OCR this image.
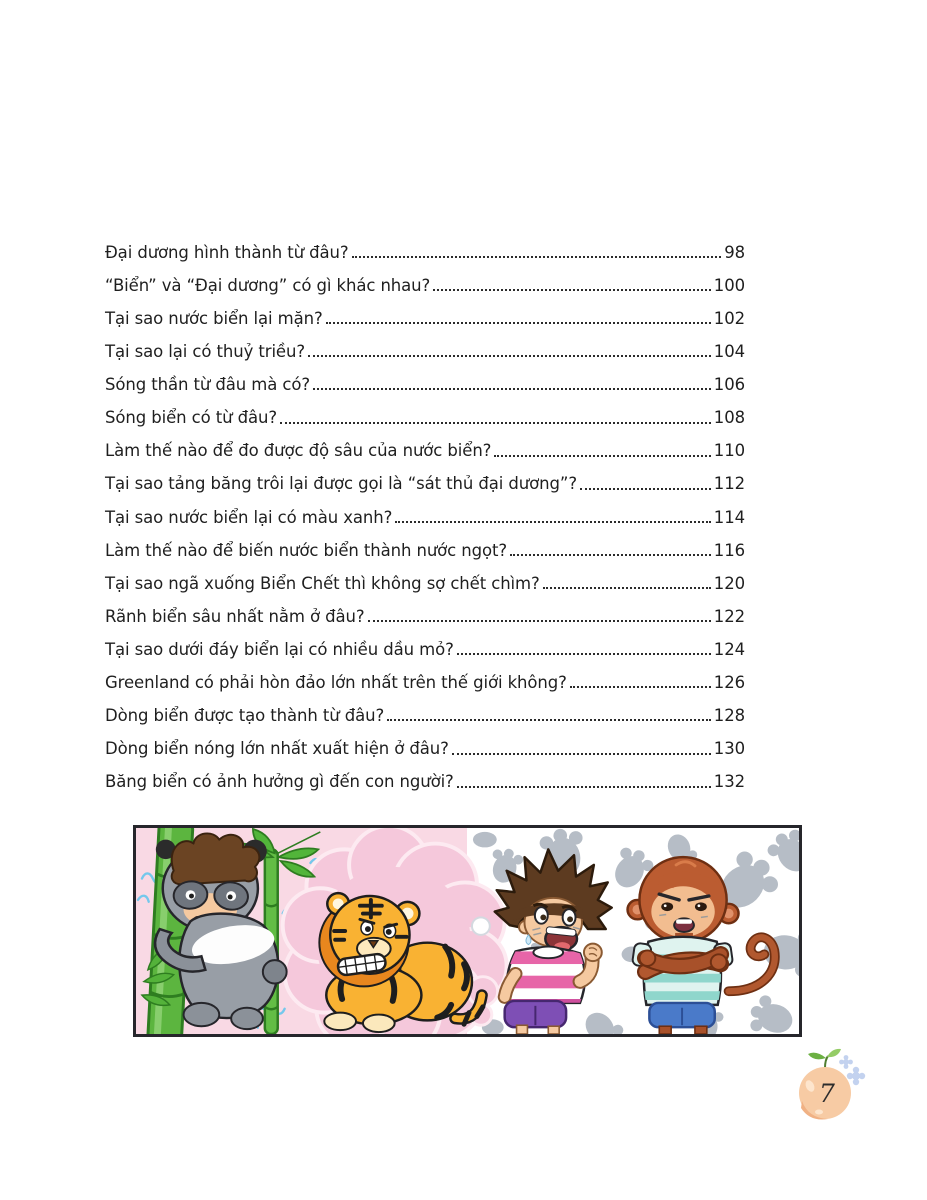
Đại dương hình thành từ đâu?	98
“Biển” và “Đại dương” có gì khác nhau?	100
Tại sao nước biển lại mặn?	102
Tại sao lại có thuỷ triều?	104
Sóng thần từ đâu mà có?	106
Sóng biển có từ đâu?	108
Làm thế nào để đo được độ sâu của nước biển?	110
Tại sao tảng băng trôi lại được gọi là “sát thủ đại dương”?	112
Tại sao nước biển lại có màu xanh?	114
Làm thế nào để biến nước biển thành nước ngọt?	116
Tại sao ngã xuống Biển Chết thì không sợ chết chìm?	120
Rãnh biển sâu nhất nằm ở đâu?	122
Tại sao dưới đáy biển lại có nhiều dầu mỏ?	124
Greenland có phải hòn đảo lớn nhất trên thế giới không?	126
Dòng biển được tạo thành từ đâu?	128
Dòng biển nóng lớn nhất xuất hiện ở đâu?	130
Băng biển có ảnh hưởng gì đến con người?	132
7
